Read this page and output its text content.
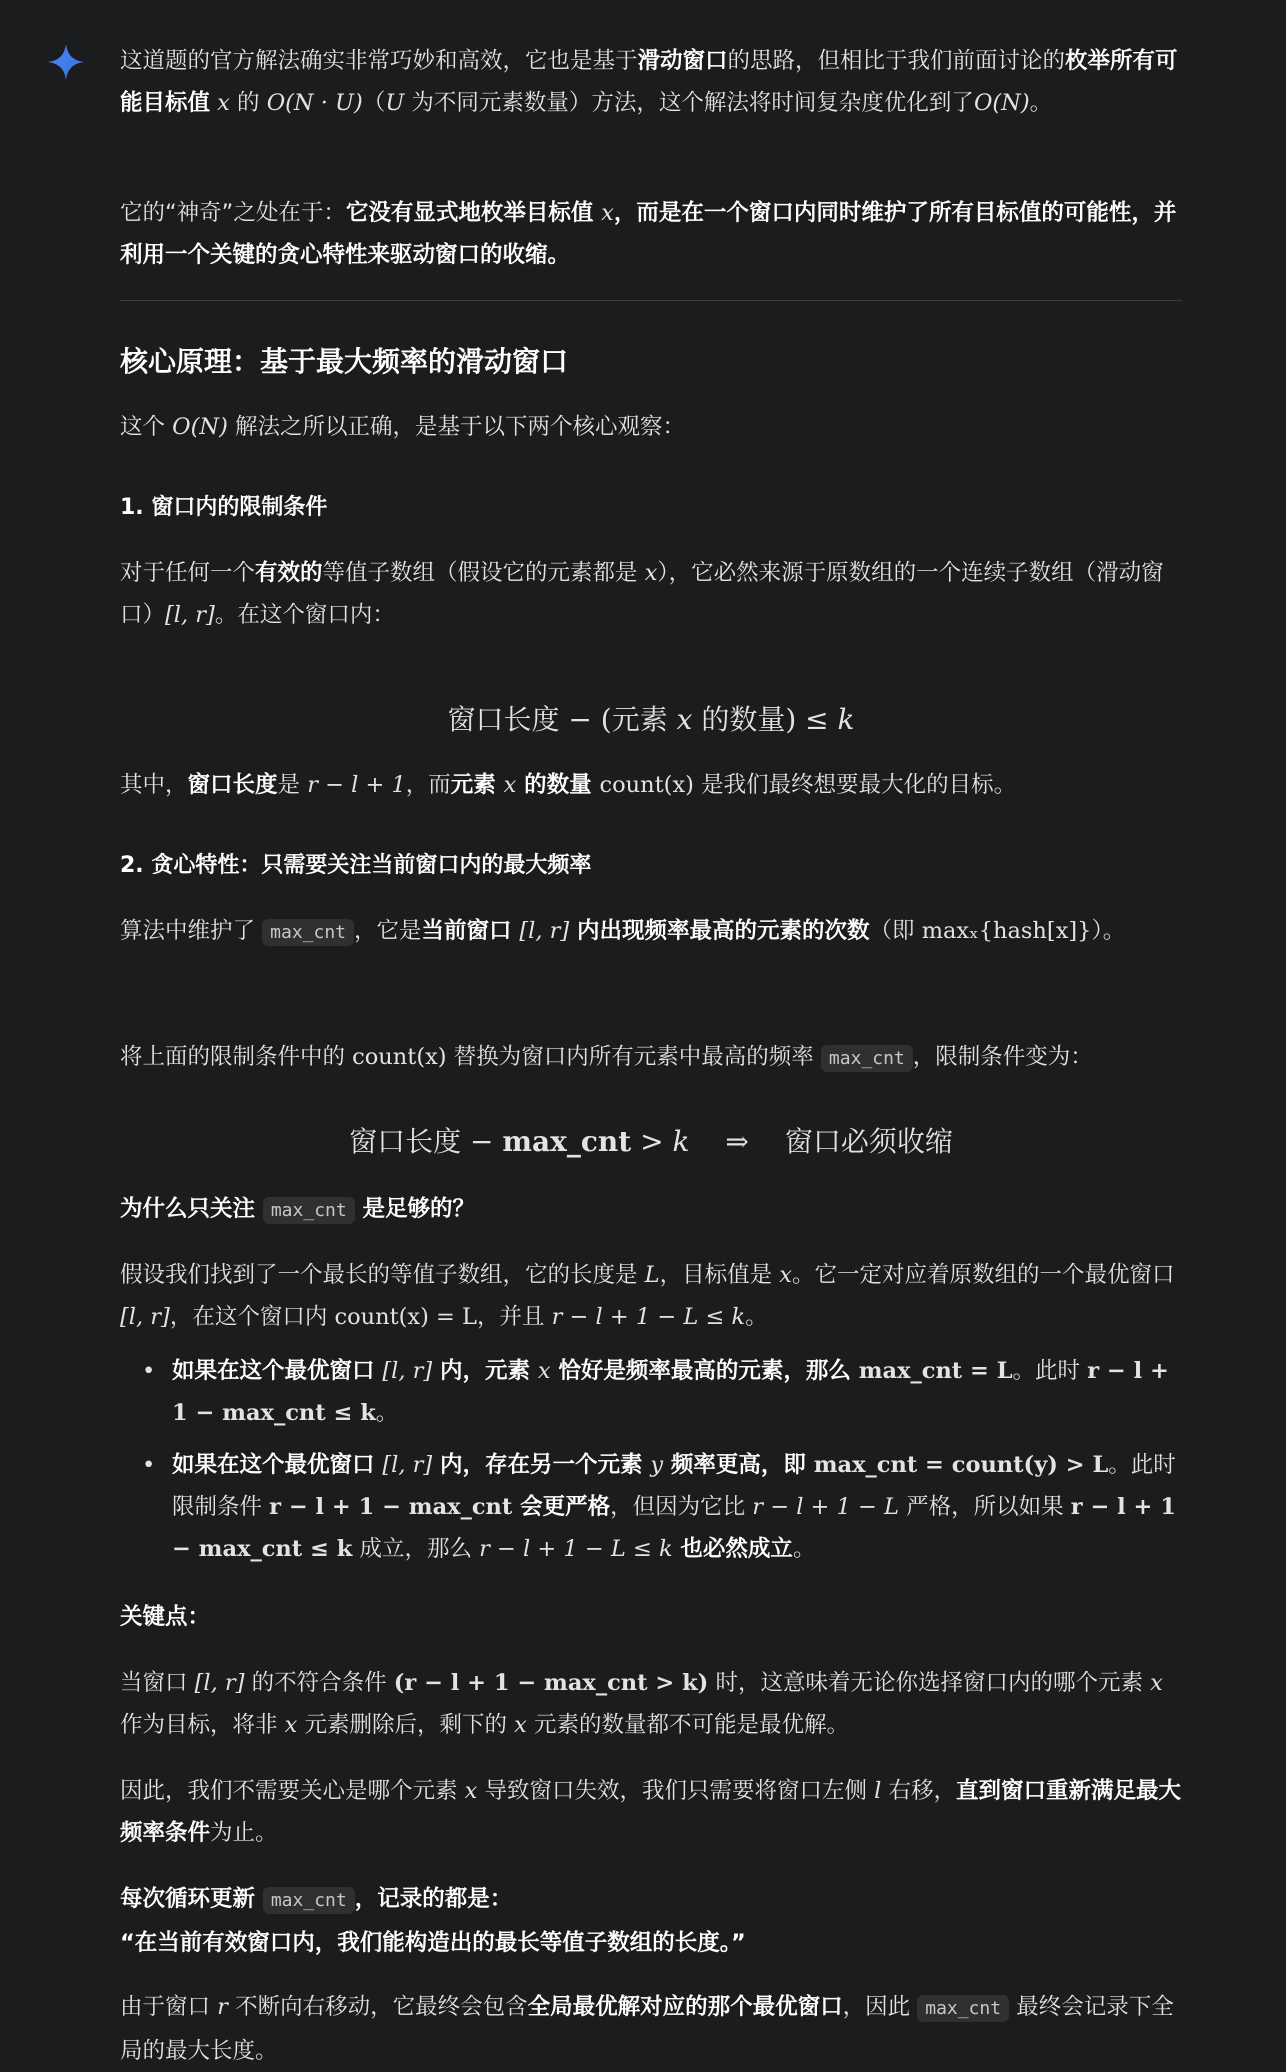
这道题的官方解法确实非常巧妙和高效，它也是基于滑动窗口的思路，但相比于我们前面讨论的枚举所有可能目标值 x 的 O(N · U)（U 为不同元素数量）方法，这个解法将时间复杂度优化到了O(N)。

它的“神奇”之处在于：它没有显式地枚举目标值 x，而是在一个窗口内同时维护了所有目标值的可能性，并利用一个关键的贪心特性来驱动窗口的收缩。

核心原理：基于最大频率的滑动窗口

这个 O(N) 解法之所以正确，是基于以下两个核心观察：

1. 窗口内的限制条件

对于任何一个有效的等值子数组（假设它的元素都是 x），它必然来源于原数组的一个连续子数组（滑动窗口）[l, r]。在这个窗口内：

窗口长度 − (元素 x 的数量) ≤ k

其中，窗口长度是 r − l + 1，而元素 x 的数量 count(x) 是我们最终想要最大化的目标。

2. 贪心特性：只需要关注当前窗口内的最大频率

算法中维护了 max_cnt ，它是当前窗口 [l, r] 内出现频率最高的元素的次数（即 maxₓ{hash[x]}）。

将上面的限制条件中的 count(x) 替换为窗口内所有元素中最高的频率 max_cnt ，限制条件变为：

窗口长度 − max_cnt > k ⇒ 窗口必须收缩

为什么只关注 max_cnt 是足够的？

假设我们找到了一个最长的等值子数组，它的长度是 L，目标值是 x。它一定对应着原数组的一个最优窗口 [l, r]，在这个窗口内 count(x) = L，并且 r − l + 1 − L ≤ k。

• 如果在这个最优窗口 [l, r] 内，元素 x 恰好是频率最高的元素，那么 max_cnt = L。此时 r − l + 1 − max_cnt ≤ k。
• 如果在这个最优窗口 [l, r] 内，存在另一个元素 y 频率更高，即 max_cnt = count(y) > L。此时限制条件 r − l + 1 − max_cnt 会更严格，但因为它比 r − l + 1 − L 严格，所以如果 r − l + 1 − max_cnt ≤ k 成立，那么 r − l + 1 − L ≤ k 也必然成立。

关键点：

当窗口 [l, r] 的不符合条件 (r − l + 1 − max_cnt > k) 时，这意味着无论你选择窗口内的哪个元素 x 作为目标，将非 x 元素删除后，剩下的 x 元素的数量都不可能是最优解。

因此，我们不需要关心是哪个元素 x 导致窗口失效，我们只需要将窗口左侧 l 右移，直到窗口重新满足最大频率条件为止。

每次循环更新 max_cnt ，记录的都是：
“在当前有效窗口内，我们能构造出的最长等值子数组的长度。”

由于窗口 r 不断向右移动，它最终会包含全局最优解对应的那个最优窗口，因此 max_cnt 最终会记录下全局的最大长度。
